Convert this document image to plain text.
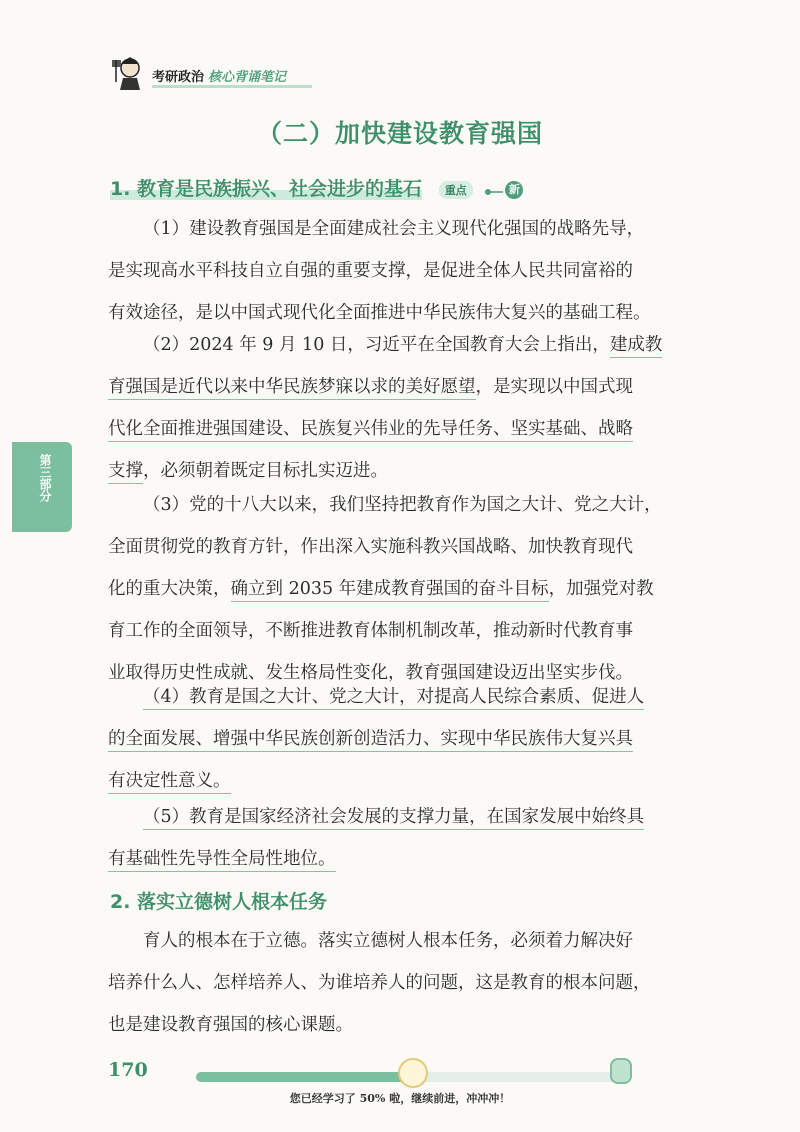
考研政治 核心背诵笔记
（二）加快建设教育强国
1. 教育是民族振兴、社会进步的基石 重点	新
（1）建设教育强国是全面建成社会主义现代化强国的战略先导，
是实现高水平科技自立自强的重要支撑，是促进全体人民共同富裕的
有效途径，是以中国式现代化全面推进中华民族伟大复兴的基础工程。
（2）2024 年 9 月 10 日，习近平在全国教育大会上指出，建成教
育强国是近代以来中华民族梦寐以求的美好愿望，是实现以中国式现
代化全面推进强国建设、民族复兴伟业的先导任务、坚实基础、战略
支撑，必须朝着既定目标扎实迈进。
第三部分
（3）党的十八大以来，我们坚持把教育作为国之大计、党之大计，
全面贯彻党的教育方针，作出深入实施科教兴国战略、加快教育现代
化的重大决策，确立到 2035 年建成教育强国的奋斗目标，加强党对教
育工作的全面领导，不断推进教育体制机制改革，推动新时代教育事
业取得历史性成就、发生格局性变化，教育强国建设迈出坚实步伐。
（4）教育是国之大计、党之大计，对提高人民综合素质、促进人
的全面发展、增强中华民族创新创造活力、实现中华民族伟大复兴具
有决定性意义。
（5）教育是国家经济社会发展的支撑力量，在国家发展中始终具
有基础性先导性全局性地位。
2. 落实立德树人根本任务
育人的根本在于立德。落实立德树人根本任务，必须着力解决好
培养什么人、怎样培养人、为谁培养人的问题，这是教育的根本问题，
也是建设教育强国的核心课题。
170
您已经学习了 50% 啦，继续前进，冲冲冲！
